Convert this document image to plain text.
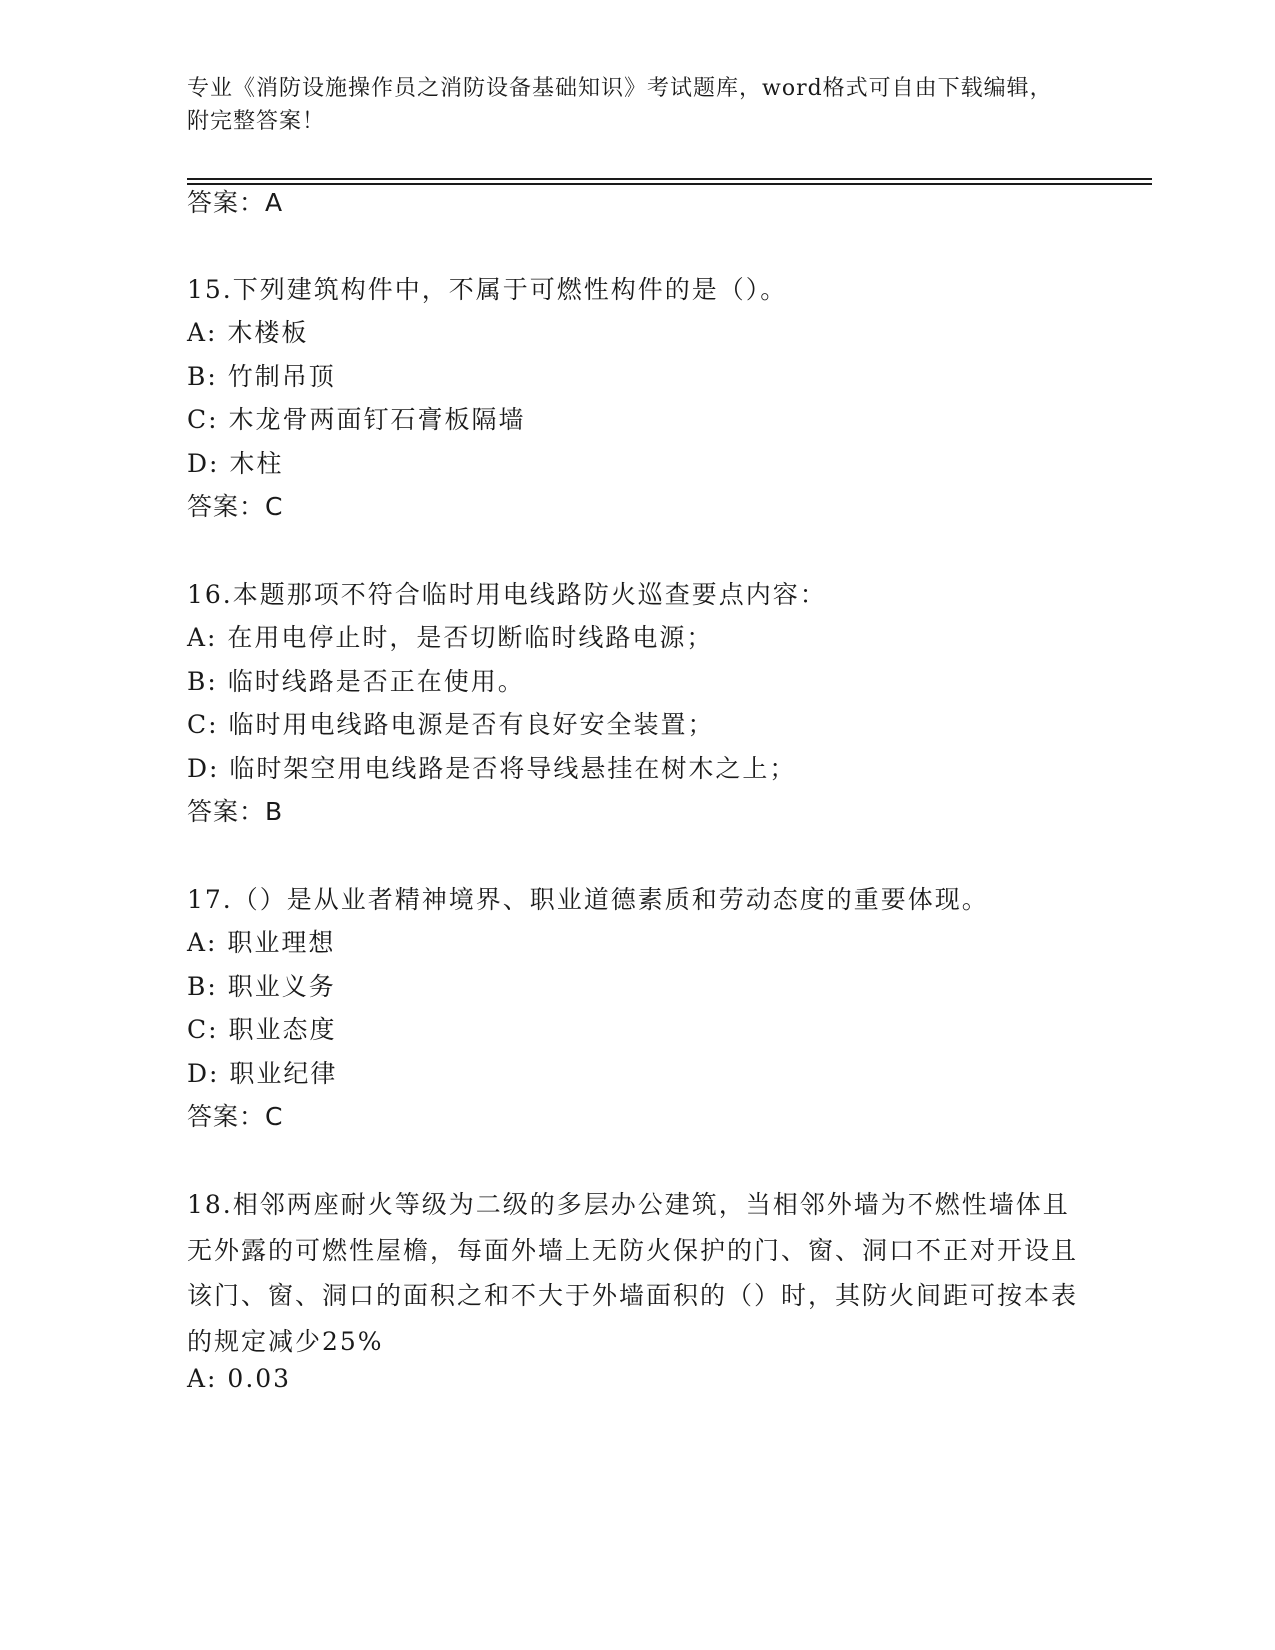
专业《消防设施操作员之消防设备基础知识》考试题库，word格式可自由下载编辑，附完整答案！
答案：A
15.下列建筑构件中，不属于可燃性构件的是（）。
A: 木楼板
B: 竹制吊顶
C: 木龙骨两面钉石膏板隔墙
D: 木柱
答案：C
16.本题那项不符合临时用电线路防火巡查要点内容：
A: 在用电停止时，是否切断临时线路电源；
B: 临时线路是否正在使用。
C: 临时用电线路电源是否有良好安全装置；
D: 临时架空用电线路是否将导线悬挂在树木之上；
答案：B
17.（）是从业者精神境界、职业道德素质和劳动态度的重要体现。
A: 职业理想
B: 职业义务
C: 职业态度
D: 职业纪律
答案：C
18.相邻两座耐火等级为二级的多层办公建筑，当相邻外墙为不燃性墙体且无外露的可燃性屋檐，每面外墙上无防火保护的门、窗、洞口不正对开设且该门、窗、洞口的面积之和不大于外墙面积的（）时，其防火间距可按本表的规定减少25%
A: 0.03
